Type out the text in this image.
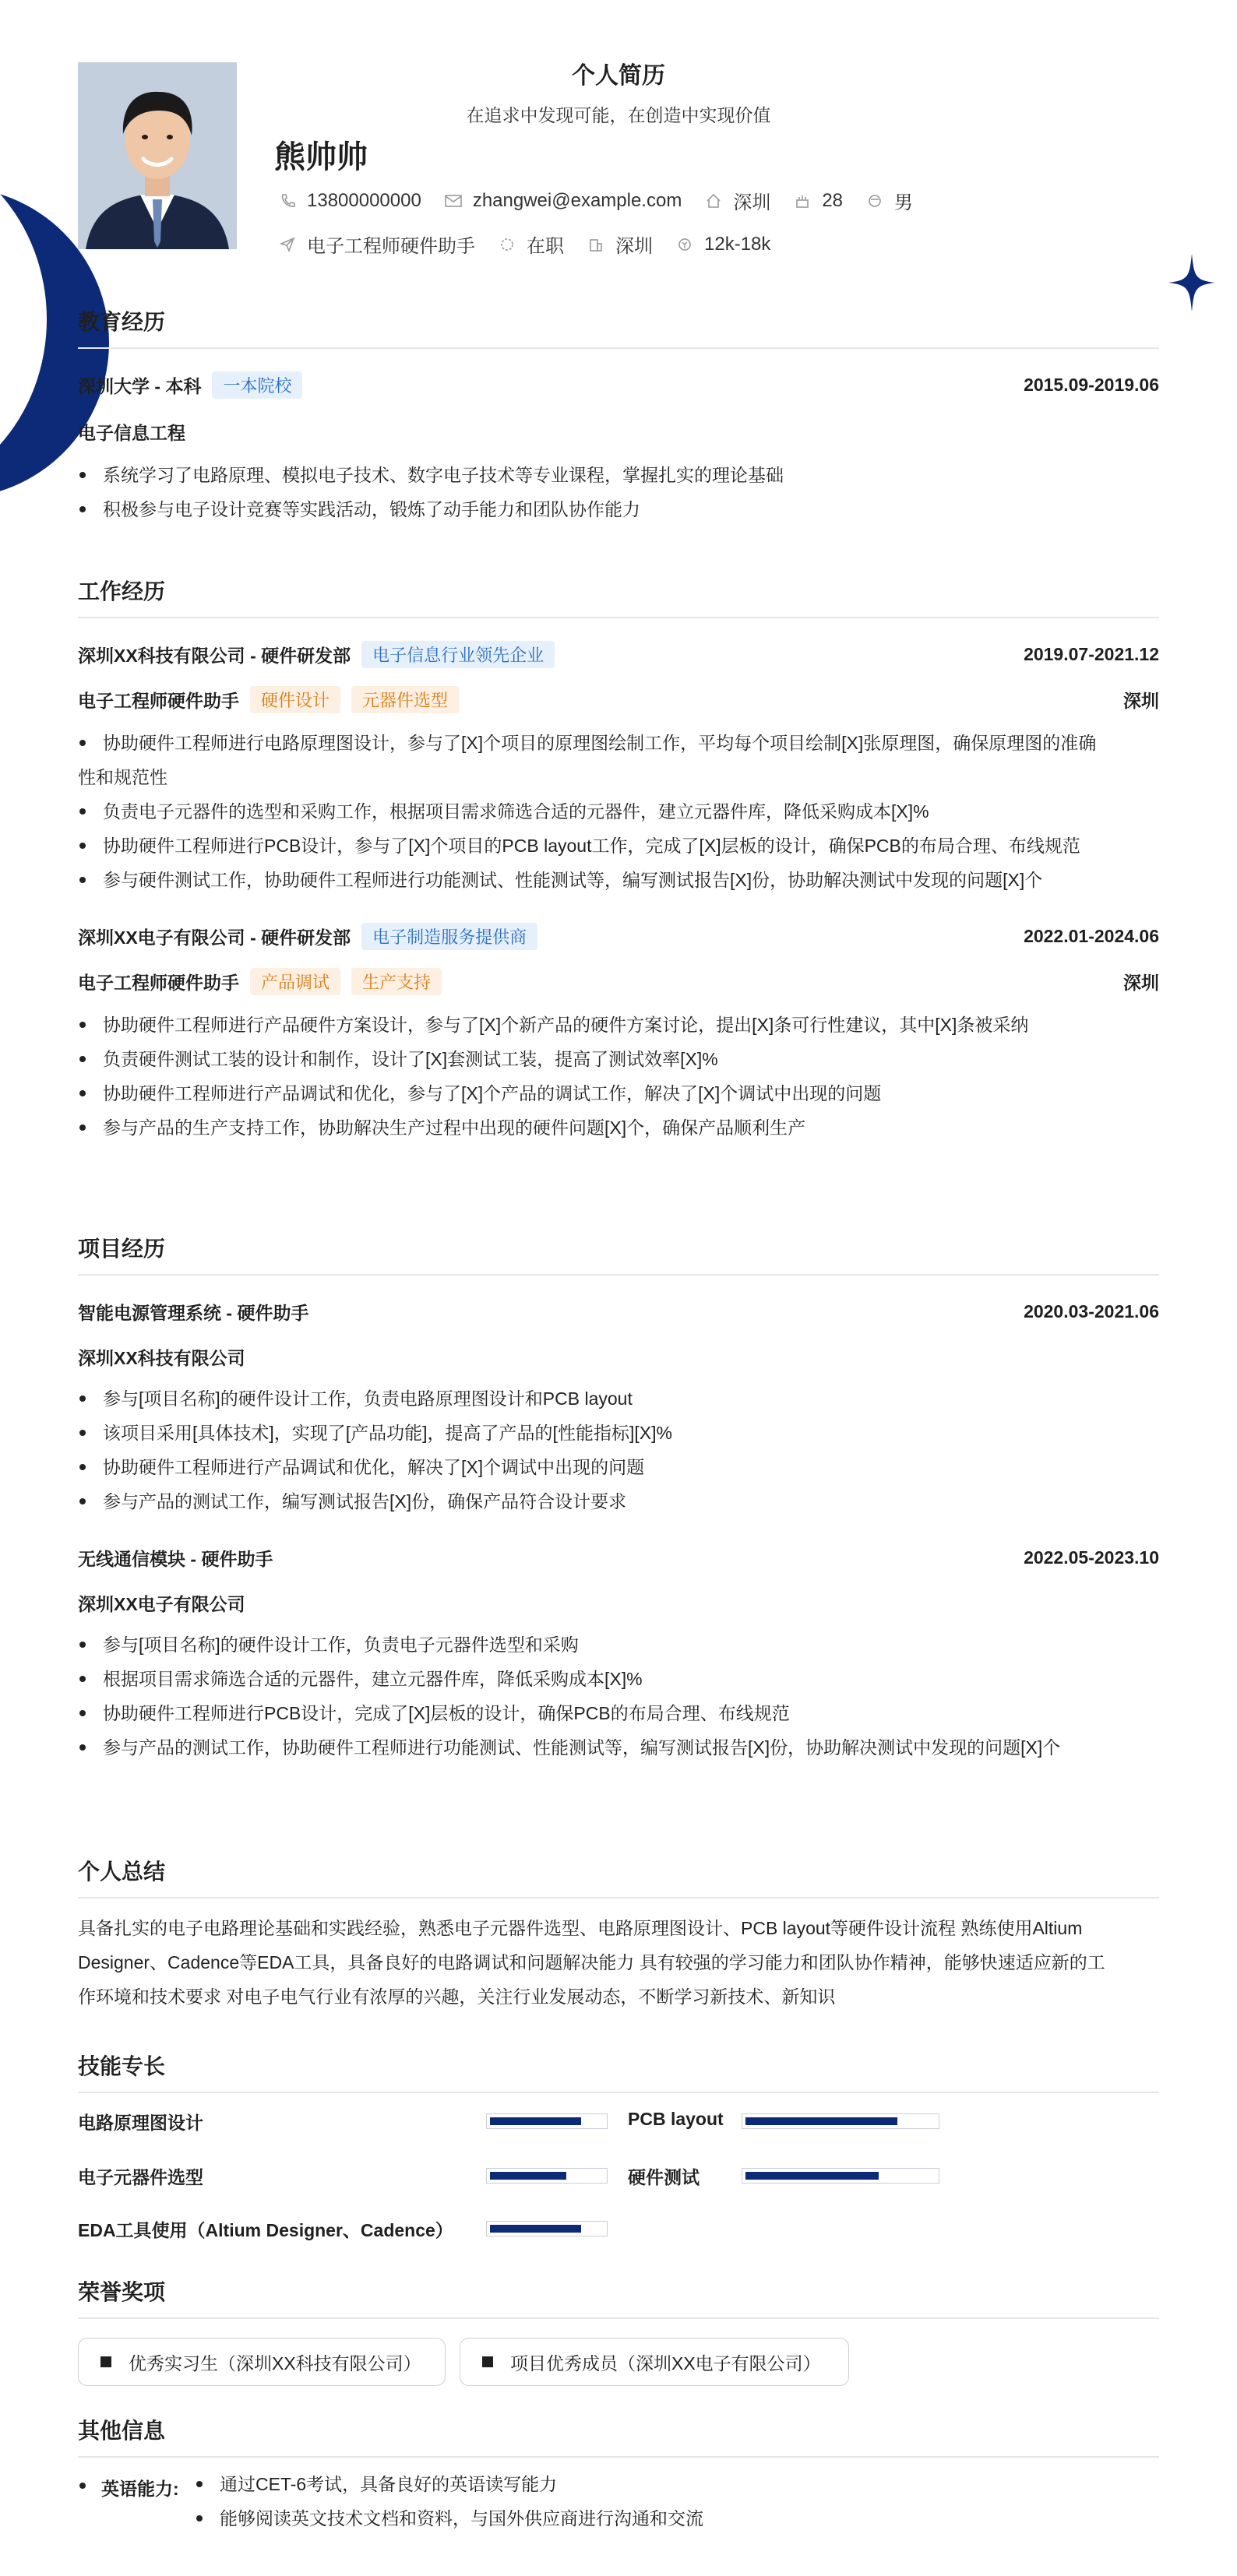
个人简历
在追求中发现可能，在创造中实现价值
熊帅帅
13800000000	zhangwei@example.com	深圳	28	男
电子工程师硬件助手	在职	深圳	12k-18k
教育经历
深圳大学 - 本科	一本院校	2015.09-2019.06
电子信息工程
系统学习了电路原理、模拟电子技术、数字电子技术等专业课程，掌握扎实的理论基础
积极参与电子设计竞赛等实践活动，锻炼了动手能力和团队协作能力
工作经历
深圳XX科技有限公司 - 硬件研发部	电子信息行业领先企业	2019.07-2021.12
电子工程师硬件助手	硬件设计	元器件选型	深圳
协助硬件工程师进行电路原理图设计，参与了[X]个项目的原理图绘制工作，平均每个项目绘制[X]张原理图，确保原理图的准确
性和规范性
负责电子元器件的选型和采购工作，根据项目需求筛选合适的元器件，建立元器件库，降低采购成本[X]%
协助硬件工程师进行PCB设计，参与了[X]个项目的PCB layout工作，完成了[X]层板的设计，确保PCB的布局合理、布线规范
参与硬件测试工作，协助硬件工程师进行功能测试、性能测试等，编写测试报告[X]份，协助解决测试中发现的问题[X]个
深圳XX电子有限公司 - 硬件研发部	电子制造服务提供商	2022.01-2024.06
电子工程师硬件助手	产品调试	生产支持	深圳
协助硬件工程师进行产品硬件方案设计，参与了[X]个新产品的硬件方案讨论，提出[X]条可行性建议，其中[X]条被采纳
负责硬件测试工装的设计和制作，设计了[X]套测试工装，提高了测试效率[X]%
协助硬件工程师进行产品调试和优化，参与了[X]个产品的调试工作，解决了[X]个调试中出现的问题
参与产品的生产支持工作，协助解决生产过程中出现的硬件问题[X]个，确保产品顺利生产
项目经历
智能电源管理系统 - 硬件助手	2020.03-2021.06
深圳XX科技有限公司
参与[项目名称]的硬件设计工作，负责电路原理图设计和PCB layout
该项目采用[具体技术]，实现了[产品功能]，提高了产品的[性能指标][X]%
协助硬件工程师进行产品调试和优化，解决了[X]个调试中出现的问题
参与产品的测试工作，编写测试报告[X]份，确保产品符合设计要求
无线通信模块 - 硬件助手	2022.05-2023.10
深圳XX电子有限公司
参与[项目名称]的硬件设计工作，负责电子元器件选型和采购
根据项目需求筛选合适的元器件，建立元器件库，降低采购成本[X]%
协助硬件工程师进行PCB设计，完成了[X]层板的设计，确保PCB的布局合理、布线规范
参与产品的测试工作，协助硬件工程师进行功能测试、性能测试等，编写测试报告[X]份，协助解决测试中发现的问题[X]个
个人总结
具备扎实的电子电路理论基础和实践经验，熟悉电子元器件选型、电路原理图设计、PCB layout等硬件设计流程 熟练使用Altium
Designer、Cadence等EDA工具，具备良好的电路调试和问题解决能力 具有较强的学习能力和团队协作精神，能够快速适应新的工
作环境和技术要求 对电子电气行业有浓厚的兴趣，关注行业发展动态，不断学习新技术、新知识
技能专长
电路原理图设计	PCB layout
电子元器件选型	硬件测试
EDA工具使用（Altium Designer、Cadence）
荣誉奖项
优秀实习生（深圳XX科技有限公司）	项目优秀成员（深圳XX电子有限公司）
其他信息
英语能力:	通过CET-6考试，具备良好的英语读写能力
能够阅读英文技术文档和资料，与国外供应商进行沟通和交流
